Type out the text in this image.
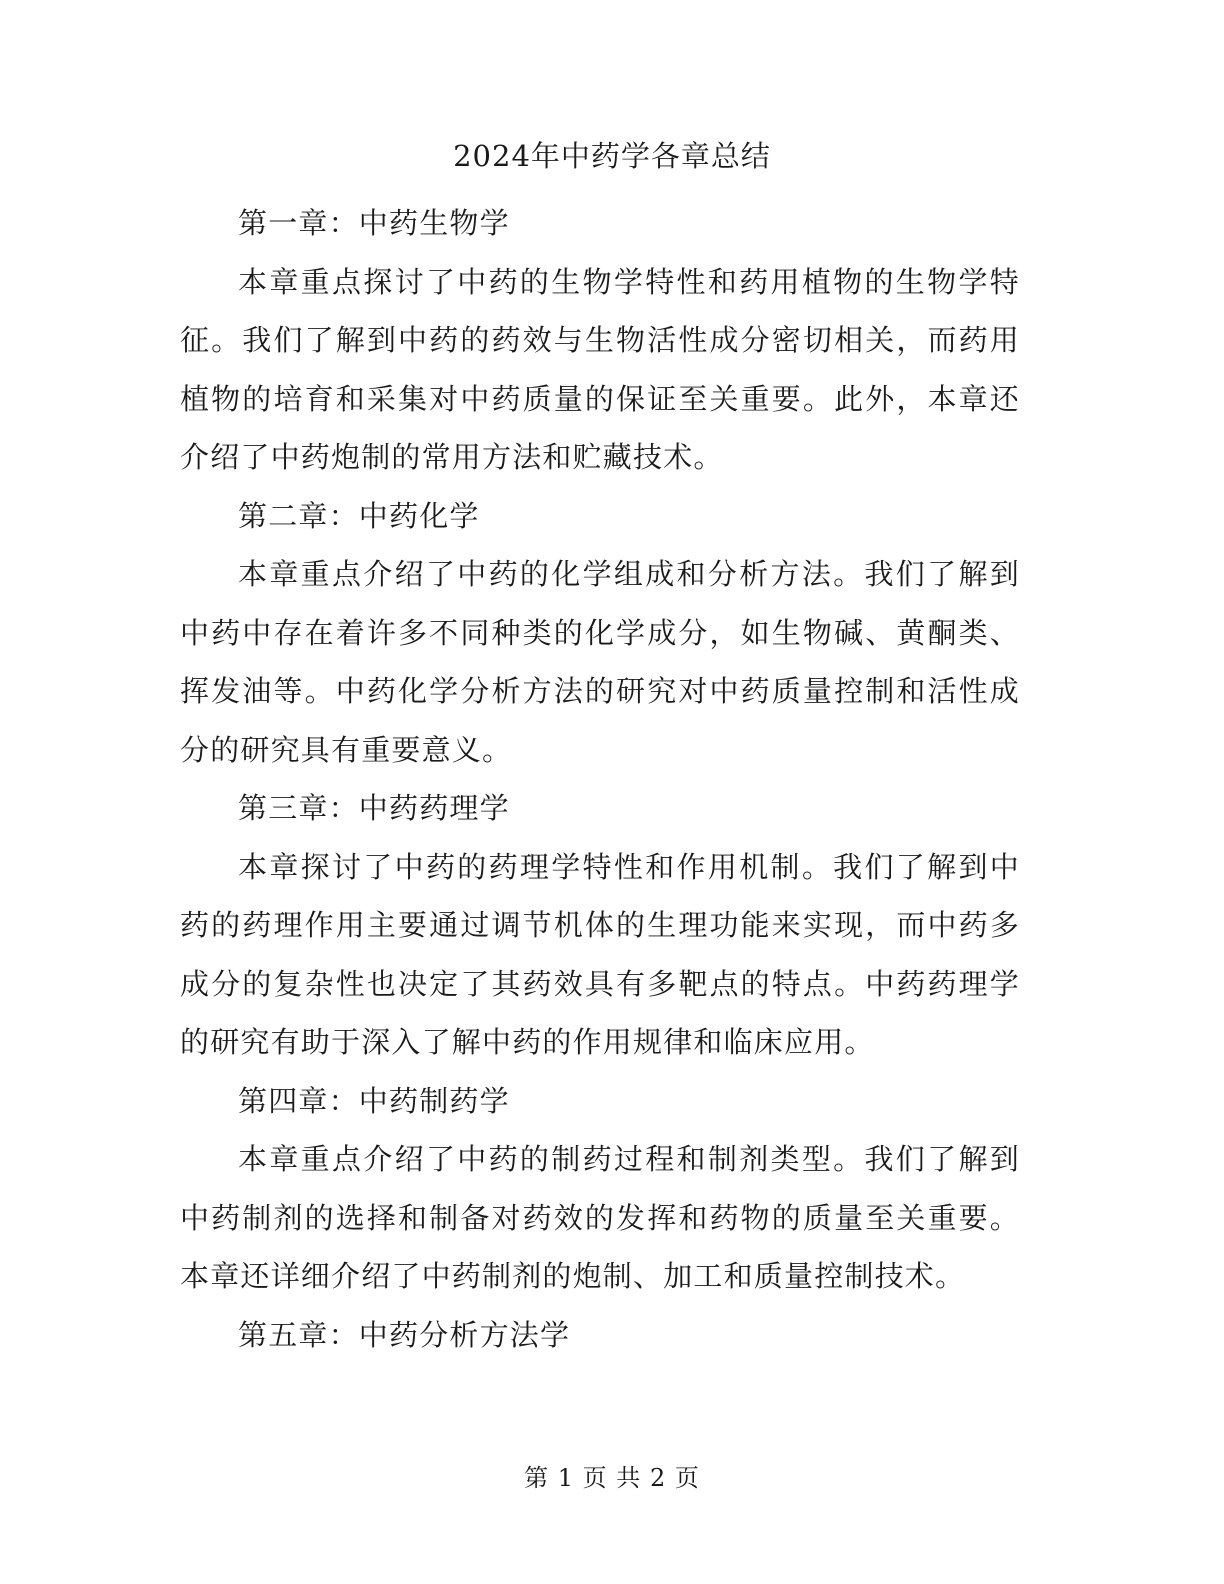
2024年中药学各章总结

第一章：中药生物学

本章重点探讨了中药的生物学特性和药用植物的生物学特征。我们了解到中药的药效与生物活性成分密切相关，而药用植物的培育和采集对中药质量的保证至关重要。此外，本章还介绍了中药炮制的常用方法和贮藏技术。

第二章：中药化学

本章重点介绍了中药的化学组成和分析方法。我们了解到中药中存在着许多不同种类的化学成分，如生物碱、黄酮类、挥发油等。中药化学分析方法的研究对中药质量控制和活性成分的研究具有重要意义。

第三章：中药药理学

本章探讨了中药的药理学特性和作用机制。我们了解到中药的药理作用主要通过调节机体的生理功能来实现，而中药多成分的复杂性也决定了其药效具有多靶点的特点。中药药理学的研究有助于深入了解中药的作用规律和临床应用。

第四章：中药制药学

本章重点介绍了中药的制药过程和制剂类型。我们了解到中药制剂的选择和制备对药效的发挥和药物的质量至关重要。本章还详细介绍了中药制剂的炮制、加工和质量控制技术。

第五章：中药分析方法学

第 1 页 共 2 页
